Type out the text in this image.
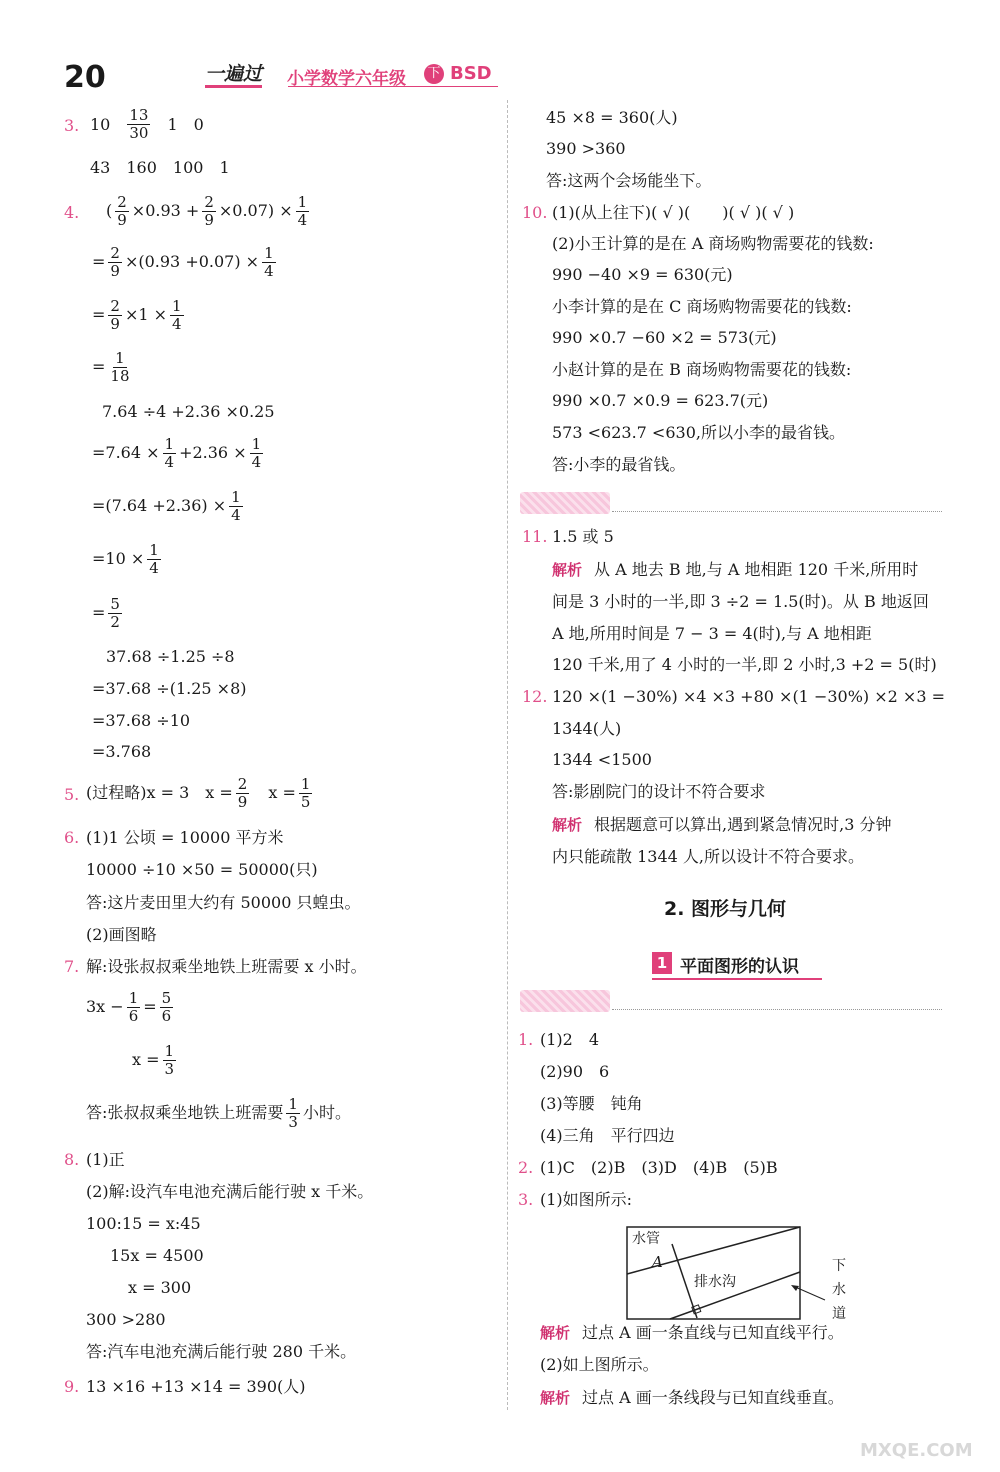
20	一遍过 小学数学六年级 下 BSD
3. $10 \frac{13}{30} 1$　0
43　160　100　1
4. ( $\frac{2}{9} \times 0.93 + \frac{2}{9} \times 0.07) \times \frac{1}{4}$
= $\frac{2}{9} \times(0.93 +0.07) \times \frac{1}{4}$
= $\frac{2}{9} \times 1 \times \frac{1}{4}$
= $\frac{1}{18}$
7.64 ÷4 +2.36 ×0.25
$=7.64 \times \frac{1}{4} +2.36 \times \frac{1}{4}$
$=(7.64 +2.36) \times \frac{1}{4}$
$=10 \times \frac{1}{4}$
= $\frac{5}{2}$
37.68 ÷1.25 ÷8
=37.68 ÷(1.25 ×8)
=37.68 ÷10
=3.768
5. (过程略)x = 3　$x = \frac{2}{9}$ $x = \frac{1}{5}$
6. (1)1 公顷 = 10000 平方米
10000 ÷10 ×50 = 50000(只)
答:这片麦田里大约有 50000 只蝗虫。
(2)画图略
7. 解:设张叔叔乘坐地铁上班需要 x 小时。
$3x - \frac{1}{6} = \frac{5}{6}$
$x = \frac{1}{3}$
答:张叔叔乘坐地铁上班需要 $\frac{1}{3}$ 小时。
8. (1)正
(2)解:设汽车电池充满后能行驶 x 千米。
100:15 = x:45
15x = 4500
x = 300
300 >280
答:汽车电池充满后能行驶 280 千米。
9. 13 ×16 +13 ×14 = 390(人)
45 ×8 = 360(人)
390 >360
答:这两个会场能坐下。
10. (1)(从上往下)( √ )(　　)( √ )( √ )
(2)小王计算的是在 A 商场购物需要花的钱数:
990 −40 ×9 = 630(元)
小李计算的是在 C 商场购物需要花的钱数:
990 ×0.7 −60 ×2 = 573(元)
小赵计算的是在 B 商场购物需要花的钱数:
990 ×0.7 ×0.9 = 623.7(元)
573 <623.7 <630,所以小李的最省钱。
答:小李的最省钱。
11. 1.5 或 5
解析 从 A 地去 B 地,与 A 地相距 120 千米,所用时
间是 3 小时的一半,即 3 ÷2 = 1.5(时)。从 B 地返回
A 地,所用时间是 7 − 3 = 4(时),与 A 地相距
120 千米,用了 4 小时的一半,即 2 小时,3 +2 = 5(时)
12. 120 ×(1 −30%) ×4 ×3 +80 ×(1 −30%) ×2 ×3 =
1344(人)
1344 <1500
答:影剧院门的设计不符合要求
解析 根据题意可以算出,遇到紧急情况时,3 分钟
内只能疏散 1344 人,所以设计不符合要求。
2. 图形与几何
1 平面图形的认识
1. (1)2　4
(2)90　6
(3)等腰　钝角
(4)三角　平行四边
2. (1)C　(2)B　(3)D　(4)B　(5)B
3. (1)如图所示:
水管
A
排水沟
下
水
道
解析 过点 A 画一条直线与已知直线平行。
(2)如上图所示。
解析 过点 A 画一条线段与已知直线垂直。
MXQE.COM
